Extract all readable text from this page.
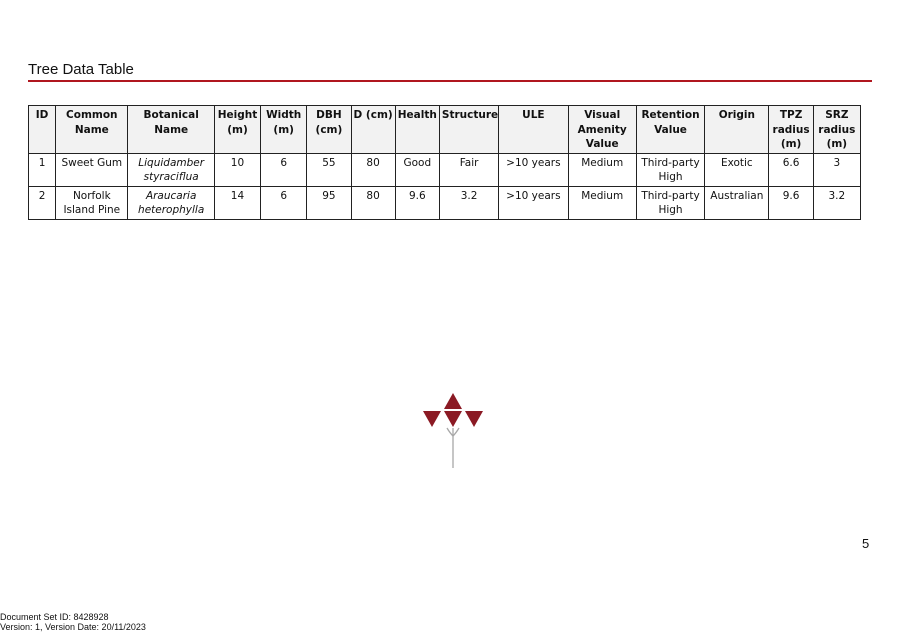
Tree Data Table
ID	Common Name	Botanical Name	Height (m)	Width (m)	DBH (cm)	D (cm)	Health	Structure	ULE	Visual Amenity Value	Retention Value	Origin	TPZ radius (m)	SRZ radius (m)
1	Sweet Gum	Liquidamber styraciflua	10	6	55	80	Good	Fair	>10 years	Medium	Third-party High	Exotic	6.6	3
2	Norfolk Island Pine	Araucaria heterophylla	14	6	95	80	9.6	3.2	>10 years	Medium	Third-party High	Australian	9.6	3.2
5
Document Set ID: 8428928
Version: 1, Version Date: 20/11/2023
